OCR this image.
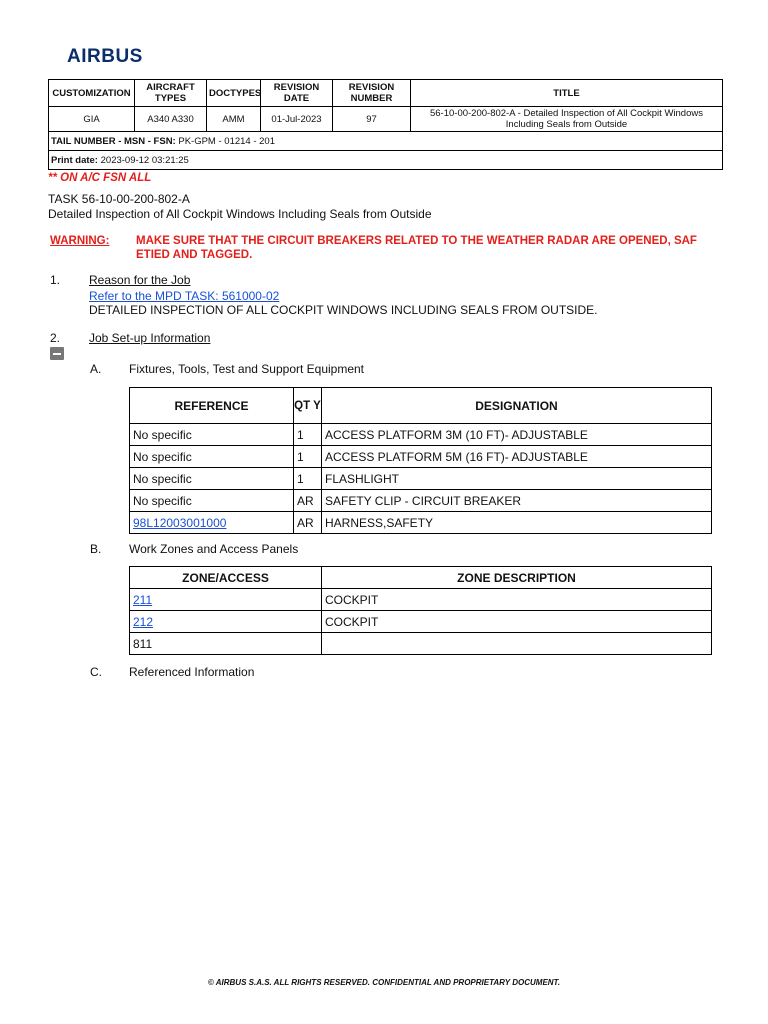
AIRBUS
CUSTOMIZATION	AIRCRAFT TYPES	DOCTYPES	REVISION DATE	REVISION NUMBER	TITLE
GIA	A340 A330	AMM	01-Jul-2023	97	56-10-00-200-802-A - Detailed Inspection of All Cockpit Windows Including Seals from Outside
TAIL NUMBER - MSN - FSN: PK-GPM - 01214 - 201					
Print date: 2023-09-12 03:21:25					
** ON A/C FSN ALL
TASK 56-10-00-200-802-A
Detailed Inspection of All Cockpit Windows Including Seals from Outside
WARNING: MAKE SURE THAT THE CIRCUIT BREAKERS RELATED TO THE WEATHER RADAR ARE OPENED, SAF ETIED AND TAGGED.
1. Reason for the Job
Refer to the MPD TASK: 561000-02
DETAILED INSPECTION OF ALL COCKPIT WINDOWS INCLUDING SEALS FROM OUTSIDE.
2. Job Set-up Information
A. Fixtures, Tools, Test and Support Equipment
REFERENCE	QT Y	DESIGNATION
No specific	1	ACCESS PLATFORM 3M (10 FT)- ADJUSTABLE
No specific	1	ACCESS PLATFORM 5M (16 FT)- ADJUSTABLE
No specific	1	FLASHLIGHT
No specific	AR	SAFETY CLIP - CIRCUIT BREAKER
98L12003001000	AR	HARNESS,SAFETY
B. Work Zones and Access Panels
ZONE/ACCESS	ZONE DESCRIPTION
211	COCKPIT
212	COCKPIT
811	
C. Referenced Information
© AIRBUS S.A.S. ALL RIGHTS RESERVED. CONFIDENTIAL AND PROPRIETARY DOCUMENT.
